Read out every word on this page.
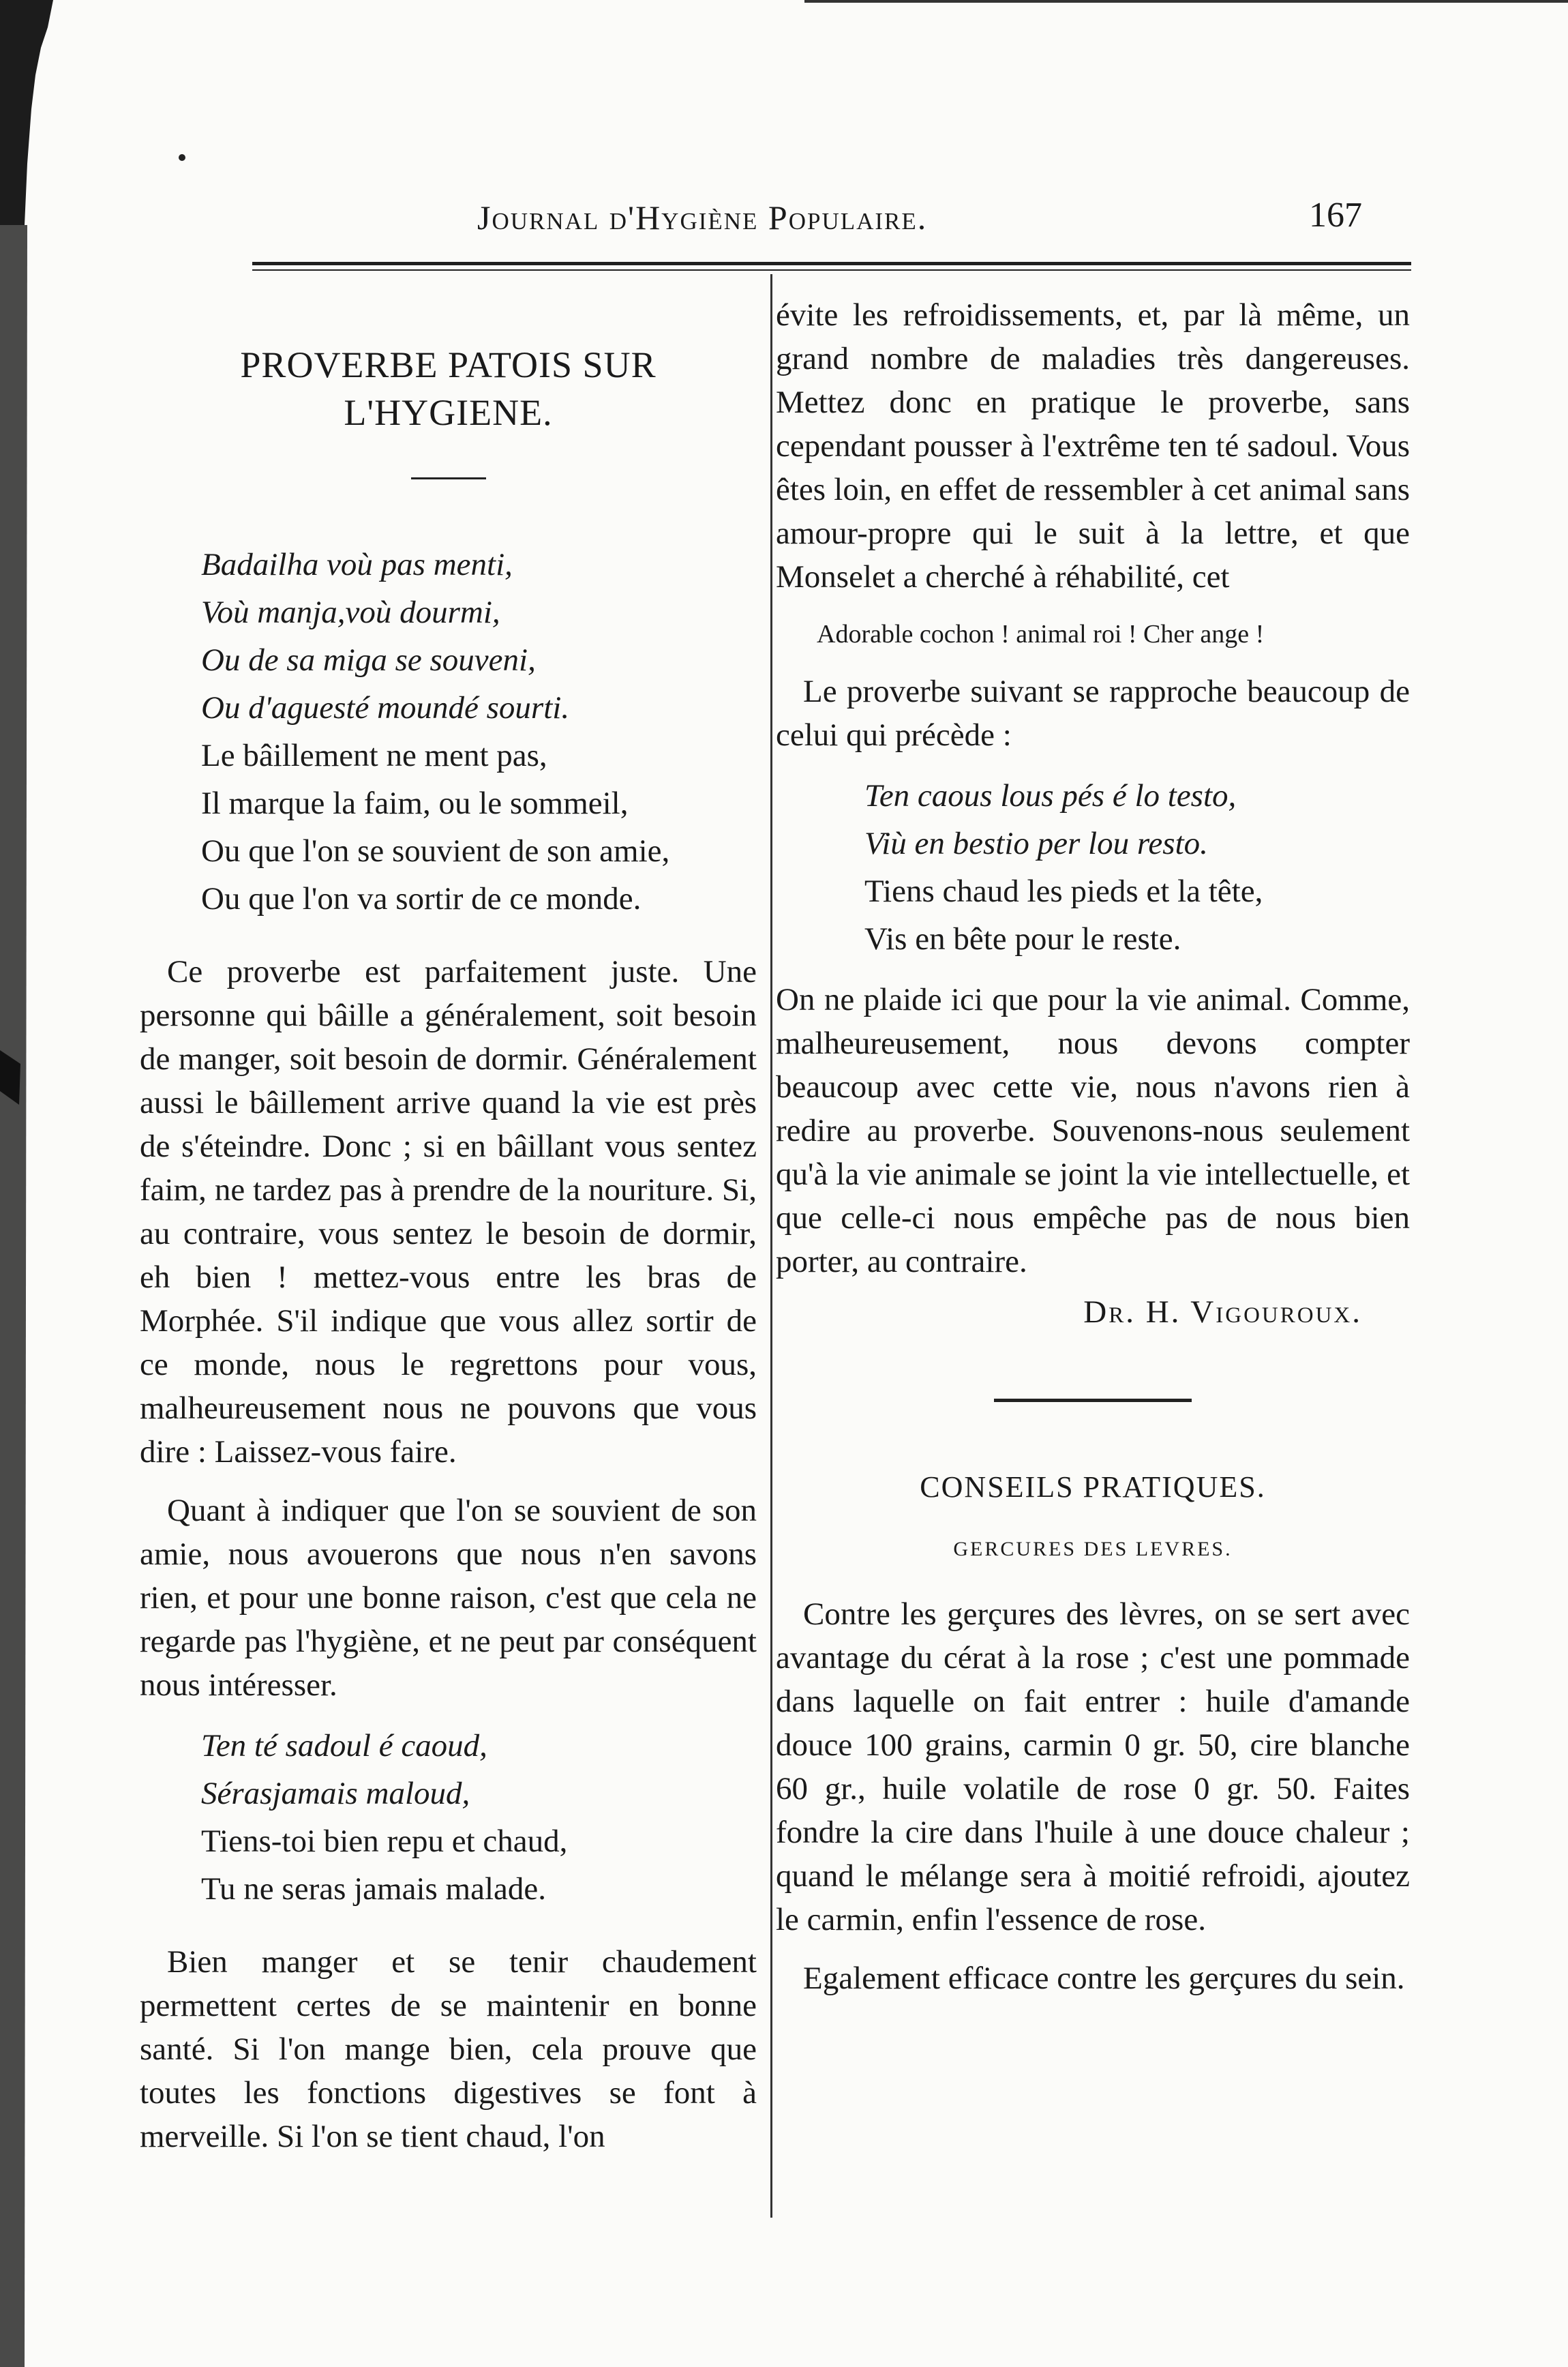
Journal d'Hygiène Populaire.	167
PROVERBE PATOIS SUR L'HYGIENE.
Badailha voù pas menti,
Voù manja,voù dourmi,
Ou de sa miga se souveni,
Ou d'aguesté moundé sourti.
Le bâillement ne ment pas,
Il marque la faim, ou le sommeil,
Ou que l'on se souvient de son amie,
Ou que l'on va sortir de ce monde.

Ce proverbe est parfaitement juste. Une personne qui bâille a généralement, soit besoin de manger, soit besoin de dormir. Généralement aussi le bâillement arrive quand la vie est près de s'éteindre. Donc ; si en bâillant vous sentez faim, ne tardez pas à prendre de la nouriture. Si, au contraire, vous sentez le besoin de dormir, eh bien ! mettez-vous entre les bras de Morphée. S'il indique que vous allez sortir de ce monde, nous le regrettons pour vous, malheureusement nous ne pouvons que vous dire : Laissez-vous faire.

Quant à indiquer que l'on se souvient de son amie, nous avouerons que nous n'en savons rien, et pour une bonne raison, c'est que cela ne regarde pas l'hygiène, et ne peut par conséquent nous intéresser.

Ten té sadoul é caoud,
Sérasjamais maloud,
Tiens-toi bien repu et chaud,
Tu ne seras jamais malade.

Bien manger et se tenir chaudement permettent certes de se maintenir en bonne santé. Si l'on mange bien, cela prouve que toutes les fonctions digestives se font à merveille. Si l'on se tient chaud, l'on

évite les refroidissements, et, par là même, un grand nombre de maladies très dangereuses. Mettez donc en pratique le proverbe, sans cependant pousser à l'extrême ten té sadoul. Vous êtes loin, en effet de ressembler à cet animal sans amour-propre qui le suit à la lettre, et que Monselet a cherché à réhabilité, cet

Adorable cochon ! animal roi ! Cher ange !

Le proverbe suivant se rapproche beaucoup de celui qui précède :

Ten caous lous pés é lo testo,
Viù en bestio per lou resto.
Tiens chaud les pieds et la tête,
Vis en bête pour le reste.

On ne plaide ici que pour la vie animal. Comme, malheureusement, nous devons compter beaucoup avec cette vie, nous n'avons rien à redire au proverbe. Souvenons-nous seulement qu'à la vie animale se joint la vie intellectuelle, et que celle-ci nous empêche pas de nous bien porter, au contraire.

Dr. H. Vigouroux.
CONSEILS PRATIQUES.
GERCURES DES LEVRES.

Contre les gerçures des lèvres, on se sert avec avantage du cérat à la rose ; c'est une pommade dans laquelle on fait entrer : huile d'amande douce 100 grains, carmin 0 gr. 50, cire blanche 60 gr., huile volatile de rose 0 gr. 50. Faites fondre la cire dans l'huile à une douce chaleur ; quand le mélange sera à moitié refroidi, ajoutez le carmin, enfin l'essence de rose.

Egalement efficace contre les gerçures du sein.
